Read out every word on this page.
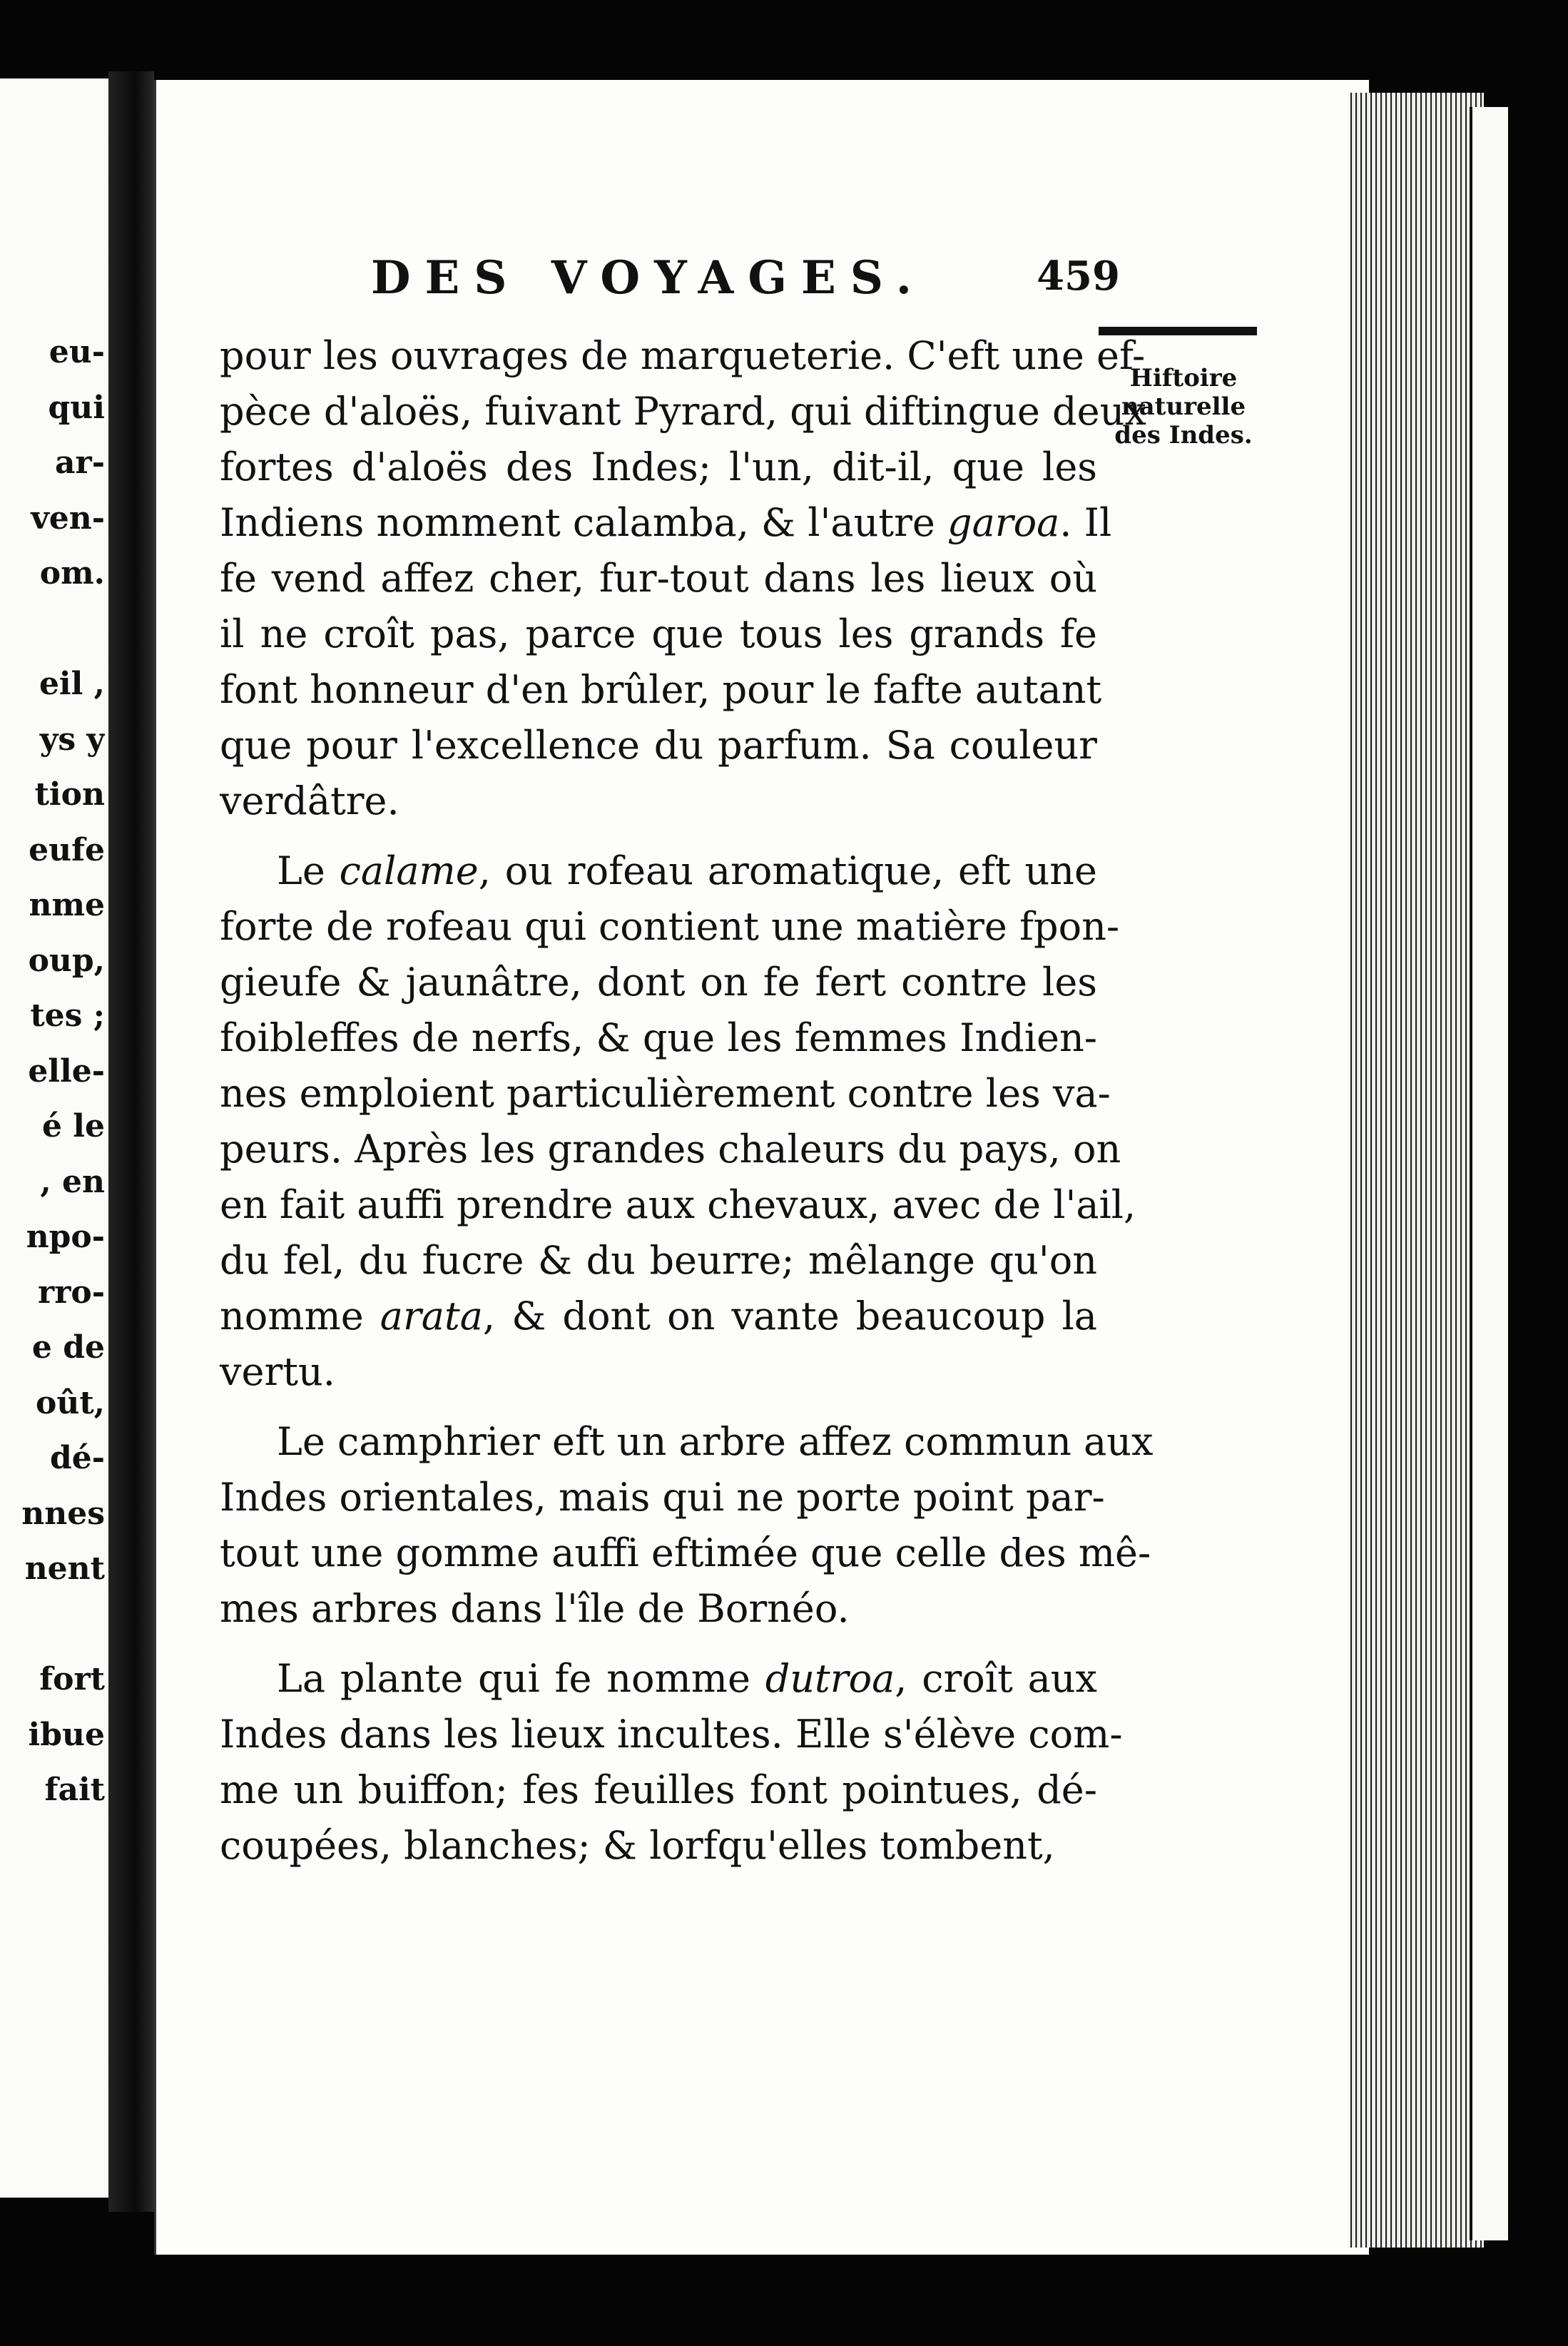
eu-
qui
ar-
ven-
om.
eil ,
ys y
tion
eufe
nme
oup,
tes ;
elle-
é le
, en
npo-
rro-
e de
oût,
dé-
nnes
nent
fort
ibue
fait
DES VOYAGES.	459
Hiftoire
naturelle
des Indes.
pour les ouvrages de marqueterie. C'eft une ef-
pèce d'aloës, fuivant Pyrard, qui diftingue deux
fortes d'aloës des Indes; l'un, dit-il, que les
Indiens nomment calamba, & l'autre garoa. Il
fe vend affez cher, fur-tout dans les lieux où
il ne croît pas, parce que tous les grands fe
font honneur d'en brûler, pour le fafte autant
que pour l'excellence du parfum. Sa couleur
verdâtre.
Le calame, ou rofeau aromatique, eft une
forte de rofeau qui contient une matière fpon-
gieufe & jaunâtre, dont on fe fert contre les
foibleffes de nerfs, & que les femmes Indien-
nes emploient particulièrement contre les va-
peurs. Après les grandes chaleurs du pays, on
en fait auffi prendre aux chevaux, avec de l'ail,
du fel, du fucre & du beurre; mêlange qu'on
nomme arata, & dont on vante beaucoup la
vertu.
Le camphrier eft un arbre affez commun aux
Indes orientales, mais qui ne porte point par-
tout une gomme auffi eftimée que celle des mê-
mes arbres dans l'île de Bornéo.
La plante qui fe nomme dutroa, croît aux
Indes dans les lieux incultes. Elle s'élève com-
me un buiffon; fes feuilles font pointues, dé-
coupées, blanches; & lorfqu'elles tombent,
